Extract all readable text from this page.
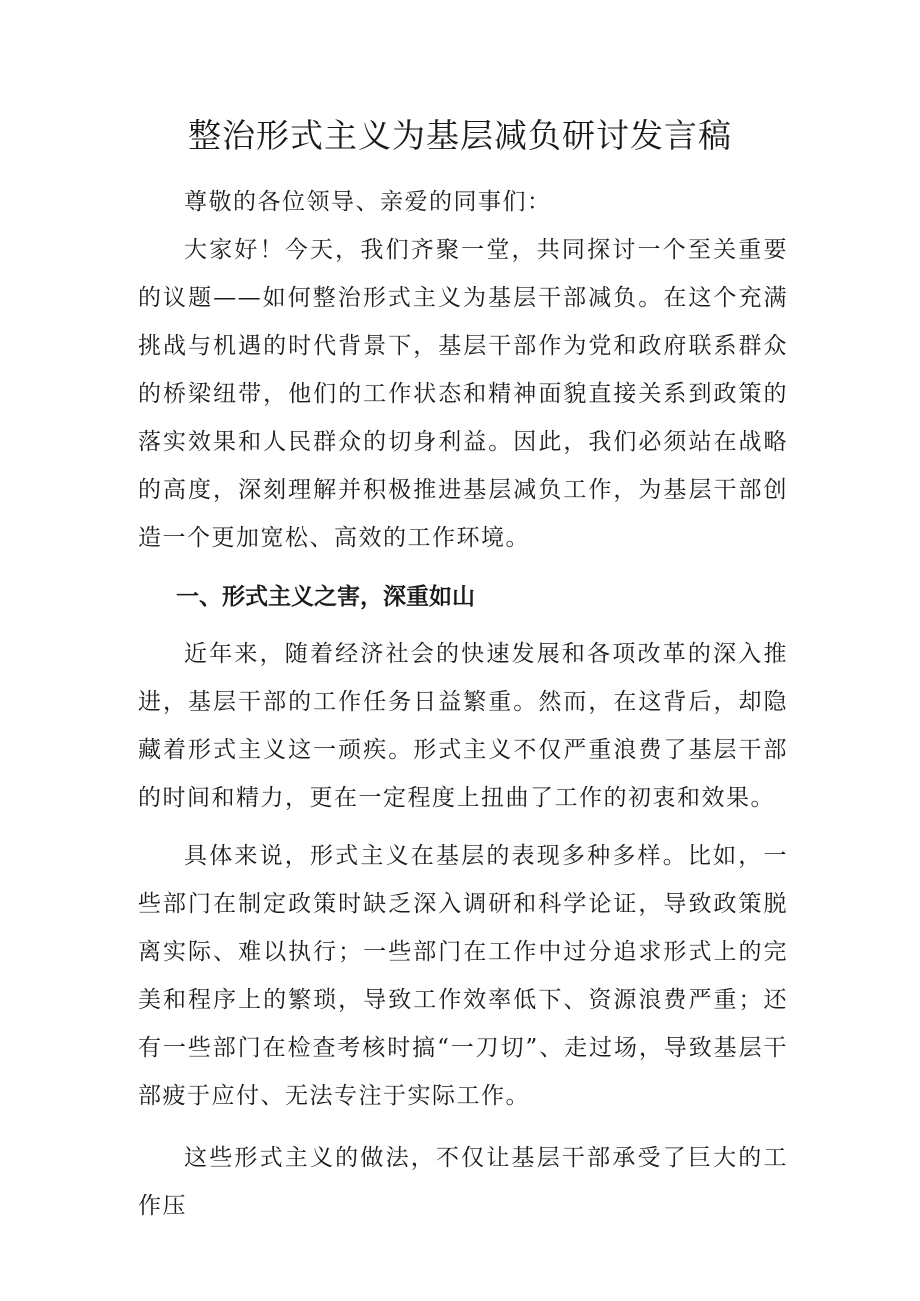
整治形式主义为基层减负研讨发言稿

尊敬的各位领导、亲爱的同事们：

大家好！今天，我们齐聚一堂，共同探讨一个至关重要的议题——如何整治形式主义为基层干部减负。在这个充满挑战与机遇的时代背景下，基层干部作为党和政府联系群众的桥梁纽带，他们的工作状态和精神面貌直接关系到政策的落实效果和人民群众的切身利益。因此，我们必须站在战略的高度，深刻理解并积极推进基层减负工作，为基层干部创造一个更加宽松、高效的工作环境。

一、形式主义之害，深重如山

近年来，随着经济社会的快速发展和各项改革的深入推进，基层干部的工作任务日益繁重。然而，在这背后，却隐藏着形式主义这一顽疾。形式主义不仅严重浪费了基层干部的时间和精力，更在一定程度上扭曲了工作的初衷和效果。

具体来说，形式主义在基层的表现多种多样。比如，一些部门在制定政策时缺乏深入调研和科学论证，导致政策脱离实际、难以执行；一些部门在工作中过分追求形式上的完美和程序上的繁琐，导致工作效率低下、资源浪费严重；还有一些部门在检查考核时搞“一刀切”、走过场，导致基层干部疲于应付、无法专注于实际工作。

这些形式主义的做法，不仅让基层干部承受了巨大的工作压
